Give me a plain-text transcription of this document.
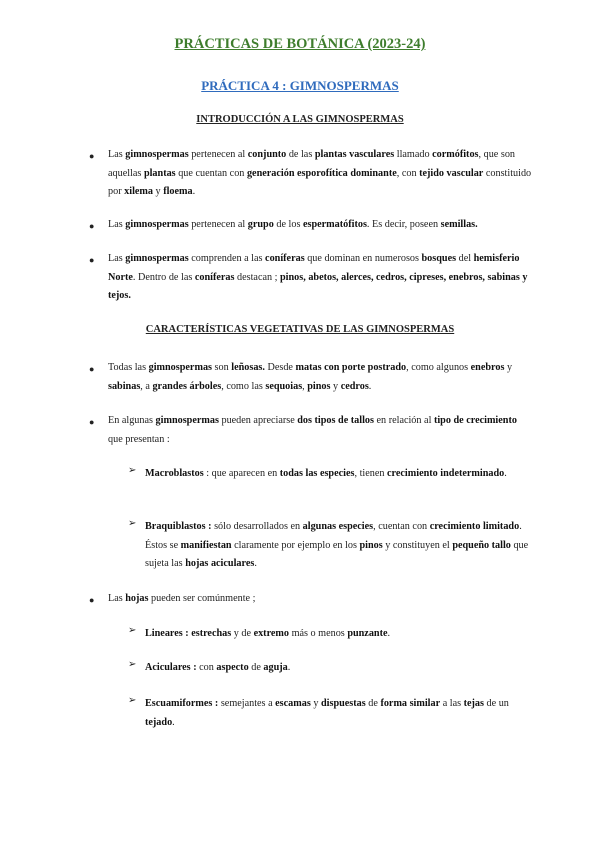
PRÁCTICAS DE BOTÁNICA (2023-24)
PRÁCTICA 4 : GIMNOSPERMAS
INTRODUCCIÓN A LAS GIMNOSPERMAS
● Las gimnospermas pertenecen al conjunto de las plantas vasculares llamado cormófitos, que son aquellas plantas que cuentan con generación esporofítica dominante, con tejido vascular constituido por xilema y floema.
● Las gimnospermas pertenecen al grupo de los espermatófitos. Es decir, poseen semillas.
● Las gimnospermas comprenden a las coníferas que dominan en numerosos bosques del hemisferio Norte. Dentro de las coníferas destacan ; pinos, abetos, alerces, cedros, cipreses, enebros, sabinas y tejos.
CARACTERÍSTICAS VEGETATIVAS DE LAS GIMNOSPERMAS
● Todas las gimnospermas son leñosas. Desde matas con porte postrado, como algunos enebros y sabinas, a grandes árboles, como las sequoias, pinos y cedros.
● En algunas gimnospermas pueden apreciarse dos tipos de tallos en relación al tipo de crecimiento que presentan :
➢ Macroblastos : que aparecen en todas las especies, tienen crecimiento indeterminado.
➢ Braquiblastos : sólo desarrollados en algunas especies, cuentan con crecimiento limitado. Éstos se manifiestan claramente por ejemplo en los pinos y constituyen el pequeño tallo que sujeta las hojas aciculares.
● Las hojas pueden ser comúnmente ;
➢ Lineares : estrechas y de extremo más o menos punzante.
➢ Aciculares : con aspecto de aguja.
➢ Escuamiformes : semejantes a escamas y dispuestas de forma similar a las tejas de un tejado.
